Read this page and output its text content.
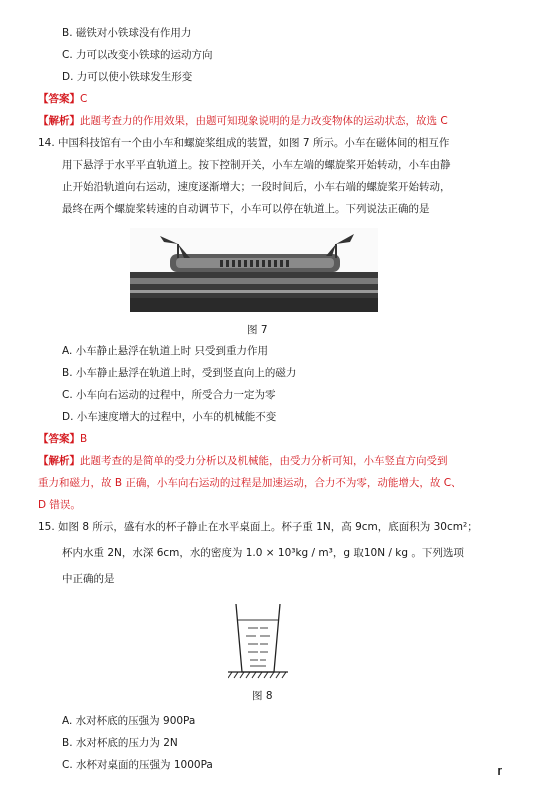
B. 磁铁对小铁球没有作用力
C. 力可以改变小铁球的运动方向
D. 力可以使小铁球发生形变
【答案】C
【解析】此题考查力的作用效果，由题可知现象说明的是力改变物体的运动状态，故选 C
14. 中国科技馆有一个由小车和螺旋桨组成的装置，如图 7 所示。小车在磁体间的相互作
用下悬浮于水平平直轨道上。按下控制开关，小车左端的螺旋桨开始转动，小车由静
止开始沿轨道向右运动，速度逐渐增大；一段时间后，小车右端的螺旋桨开始转动，
最终在两个螺旋桨转速的自动调节下，小车可以停在轨道上。下列说法正确的是
图 7
A. 小车静止悬浮在轨道上时 只受到重力作用
B. 小车静止悬浮在轨道上时，受到竖直向上的磁力
C. 小车向右运动的过程中，所受合力一定为零
D. 小车速度增大的过程中，小车的机械能不变
【答案】B
【解析】此题考查的是简单的受力分析以及机械能，由受力分析可知，小车竖直方向受到
重力和磁力，故 B 正确，小车向右运动的过程是加速运动，合力不为零，动能增大，故 C、
D 错误。
15. 如图 8 所示，盛有水的杯子静止在水平桌面上。杯子重 1N，高 9cm，底面积为 30cm²；
杯内水重 2N，水深 6cm，水的密度为 1.0 × 10³kg / m³，g 取10N / kg 。下列选项
中正确的是
图 8
A. 水对杯底的压强为 900Pa
B. 水对杯底的压力为 2N
C. 水杯对桌面的压强为 1000Pa	ɼ
